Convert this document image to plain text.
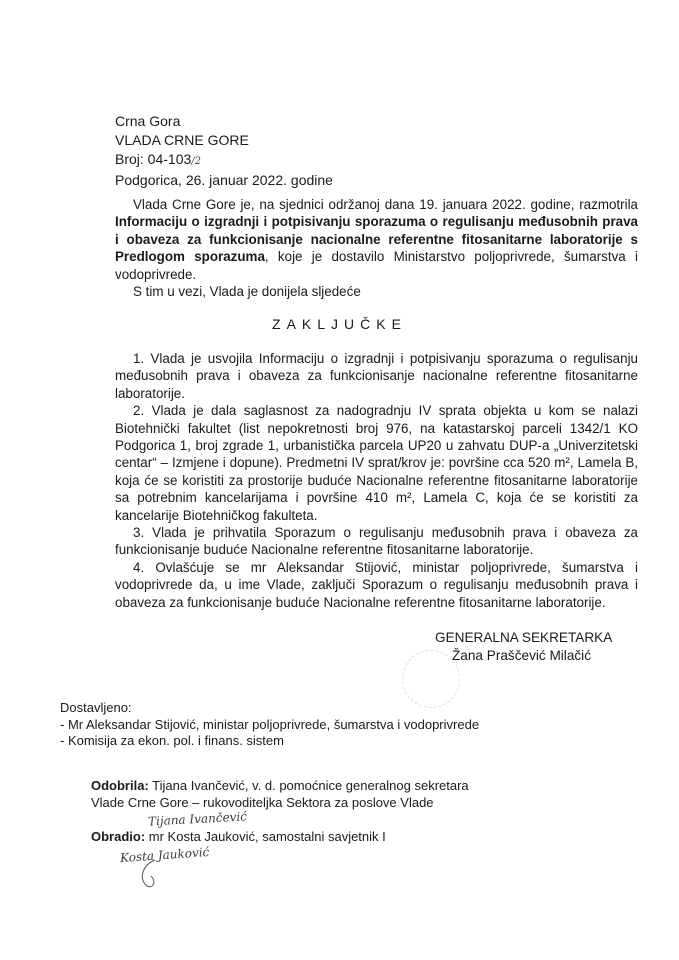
Crna Gora
VLADA CRNE GORE
Broj: 04-103/2
Podgorica, 26. januar 2022. godine
Vlada Crne Gore je, na sjednici održanoj dana 19. januara 2022. godine, razmotrila Informaciju o izgradnji i potpisivanju sporazuma o regulisanju međusobnih prava i obaveza za funkcionisanje nacionalne referentne fitosanitarne laboratorije s Predlogom sporazuma, koje je dostavilo Ministarstvo poljoprivrede, šumarstva i vodoprivrede.
S tim u vezi, Vlada je donijela sljedeće
ZAKLJUČKE
1. Vlada je usvojila Informaciju o izgradnji i potpisivanju sporazuma o regulisanju međusobnih prava i obaveza za funkcionisanje nacionalne referentne fitosanitarne laboratorije.
2. Vlada je dala saglasnost za nadogradnju IV sprata objekta u kom se nalazi Biotehnički fakultet (list nepokretnosti broj 976, na katastarskoj parceli 1342/1 KO Podgorica 1, broj zgrade 1, urbanistička parcela UP20 u zahvatu DUP-a „Univerzitetski centar“ – Izmjene i dopune). Predmetni IV sprat/krov je: površine cca 520 m², Lamela B, koja će se koristiti za prostorije buduće Nacionalne referentne fitosanitarne laboratorije sa potrebnim kancelarijama i površine 410 m², Lamela C, koja će se koristiti za kancelarije Biotehničkog fakulteta.
3. Vlada je prihvatila Sporazum o regulisanju međusobnih prava i obaveza za funkcionisanje buduće Nacionalne referentne fitosanitarne laboratorije.
4. Ovlašćuje se mr Aleksandar Stijović, ministar poljoprivrede, šumarstva i vodoprivrede da, u ime Vlade, zaključi Sporazum o regulisanju međusobnih prava i obaveza za funkcionisanje buduće Nacionalne referentne fitosanitarne laboratorije.
GENERALNA SEKRETARKA
Žana Praščević Milačić
Dostavljeno:
- Mr Aleksandar Stijović, ministar poljoprivrede, šumarstva i vodoprivrede
- Komisija za ekon. pol. i finans. sistem
Odobrila: Tijana Ivančević, v. d. pomoćnice generalnog sekretara
Vlade Crne Gore – rukovoditeljka Sektora za poslove Vlade
Tijana Ivančević
Obradio: mr Kosta Jauković, samostalni savjetnik I
Kosta Jauković
